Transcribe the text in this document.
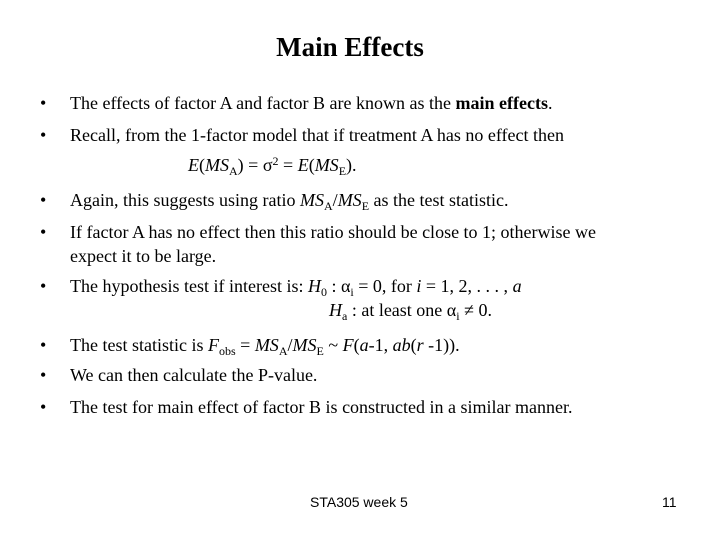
Main Effects
•	The effects of factor A and factor B are known as the main effects.
•	Recall, from the 1-factor model that if treatment A has no effect then
$E(MS_A) = \sigma^2 = E(MS_E)$.
•	Again, this suggests using ratio $MS_A/MS_E$ as the test statistic.
•	If factor A has no effect then this ratio should be close to 1; otherwise we
expect it to be large.
•	The hypothesis test if interest is: $H_0$ : $\alpha_i = 0$, for i = 1, 2, . . . , a
$H_a$ : at least one $\alpha_i \ne 0$.
•	The test statistic is $F_{obs} = MS_A/MS_E$ ~ F(a-1, ab(r -1)).
•	We can then calculate the P-value.
•	The test for main effect of factor B is constructed in a similar manner.
STA305 week 5	11
